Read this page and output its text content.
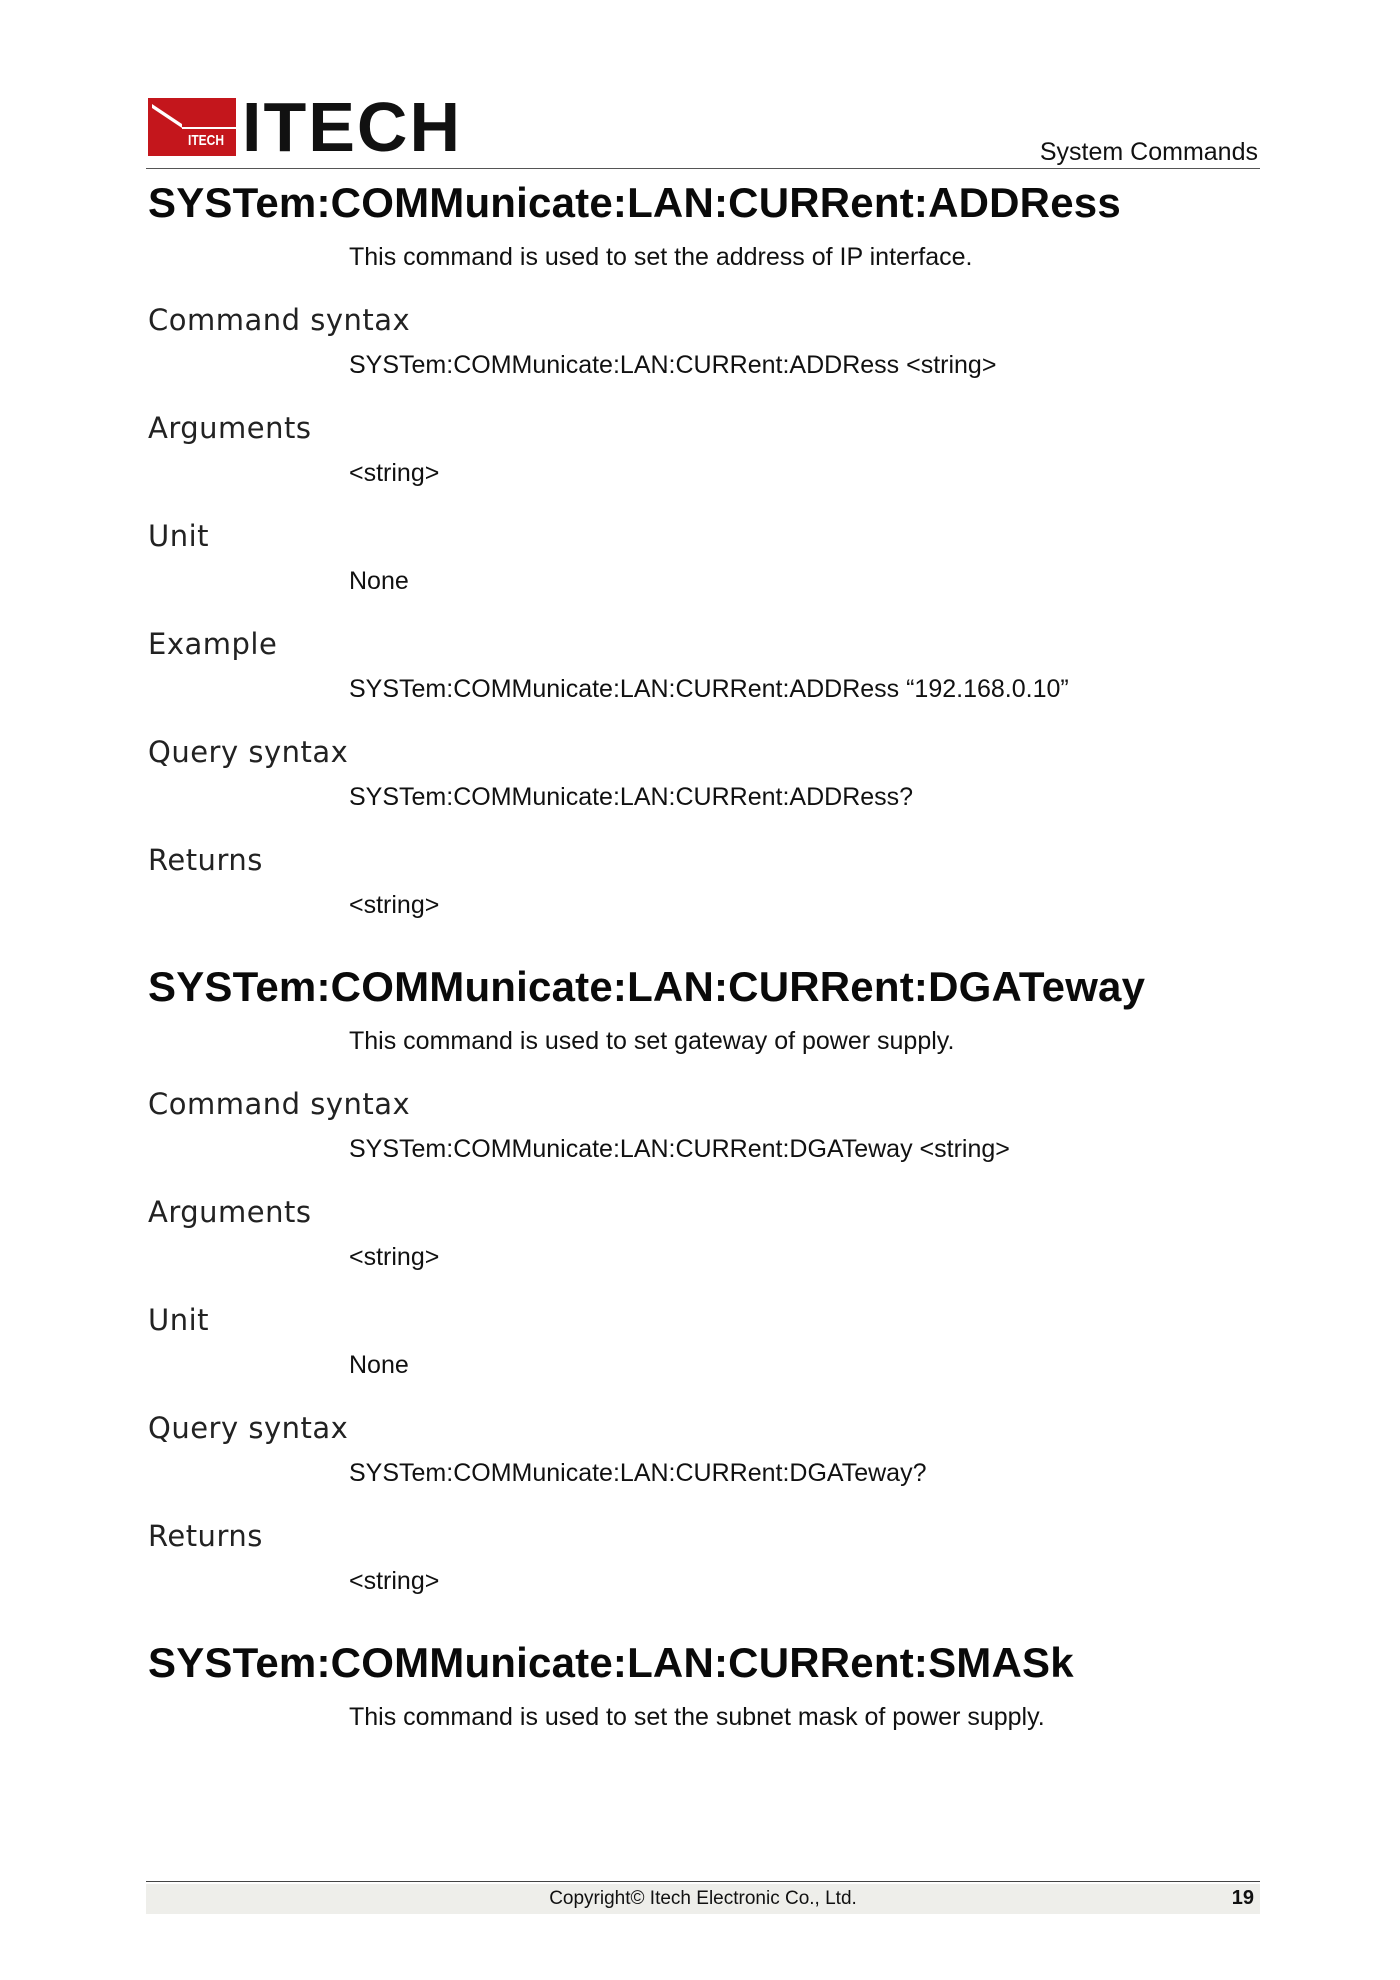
ITECH ITECH	System Commands
SYSTem:COMMunicate:LAN:CURRent:ADDRess
This command is used to set the address of IP interface.
Command syntax
SYSTem:COMMunicate:LAN:CURRent:ADDRess <string>
Arguments
<string>
Unit
None
Example
SYSTem:COMMunicate:LAN:CURRent:ADDRess “192.168.0.10”
Query syntax
SYSTem:COMMunicate:LAN:CURRent:ADDRess?
Returns
<string>
SYSTem:COMMunicate:LAN:CURRent:DGATeway
This command is used to set gateway of power supply.
Command syntax
SYSTem:COMMunicate:LAN:CURRent:DGATeway <string>
Arguments
<string>
Unit
None
Query syntax
SYSTem:COMMunicate:LAN:CURRent:DGATeway?
Returns
<string>
SYSTem:COMMunicate:LAN:CURRent:SMASk
This command is used to set the subnet mask of power supply.
Copyright© Itech Electronic Co., Ltd.	19
